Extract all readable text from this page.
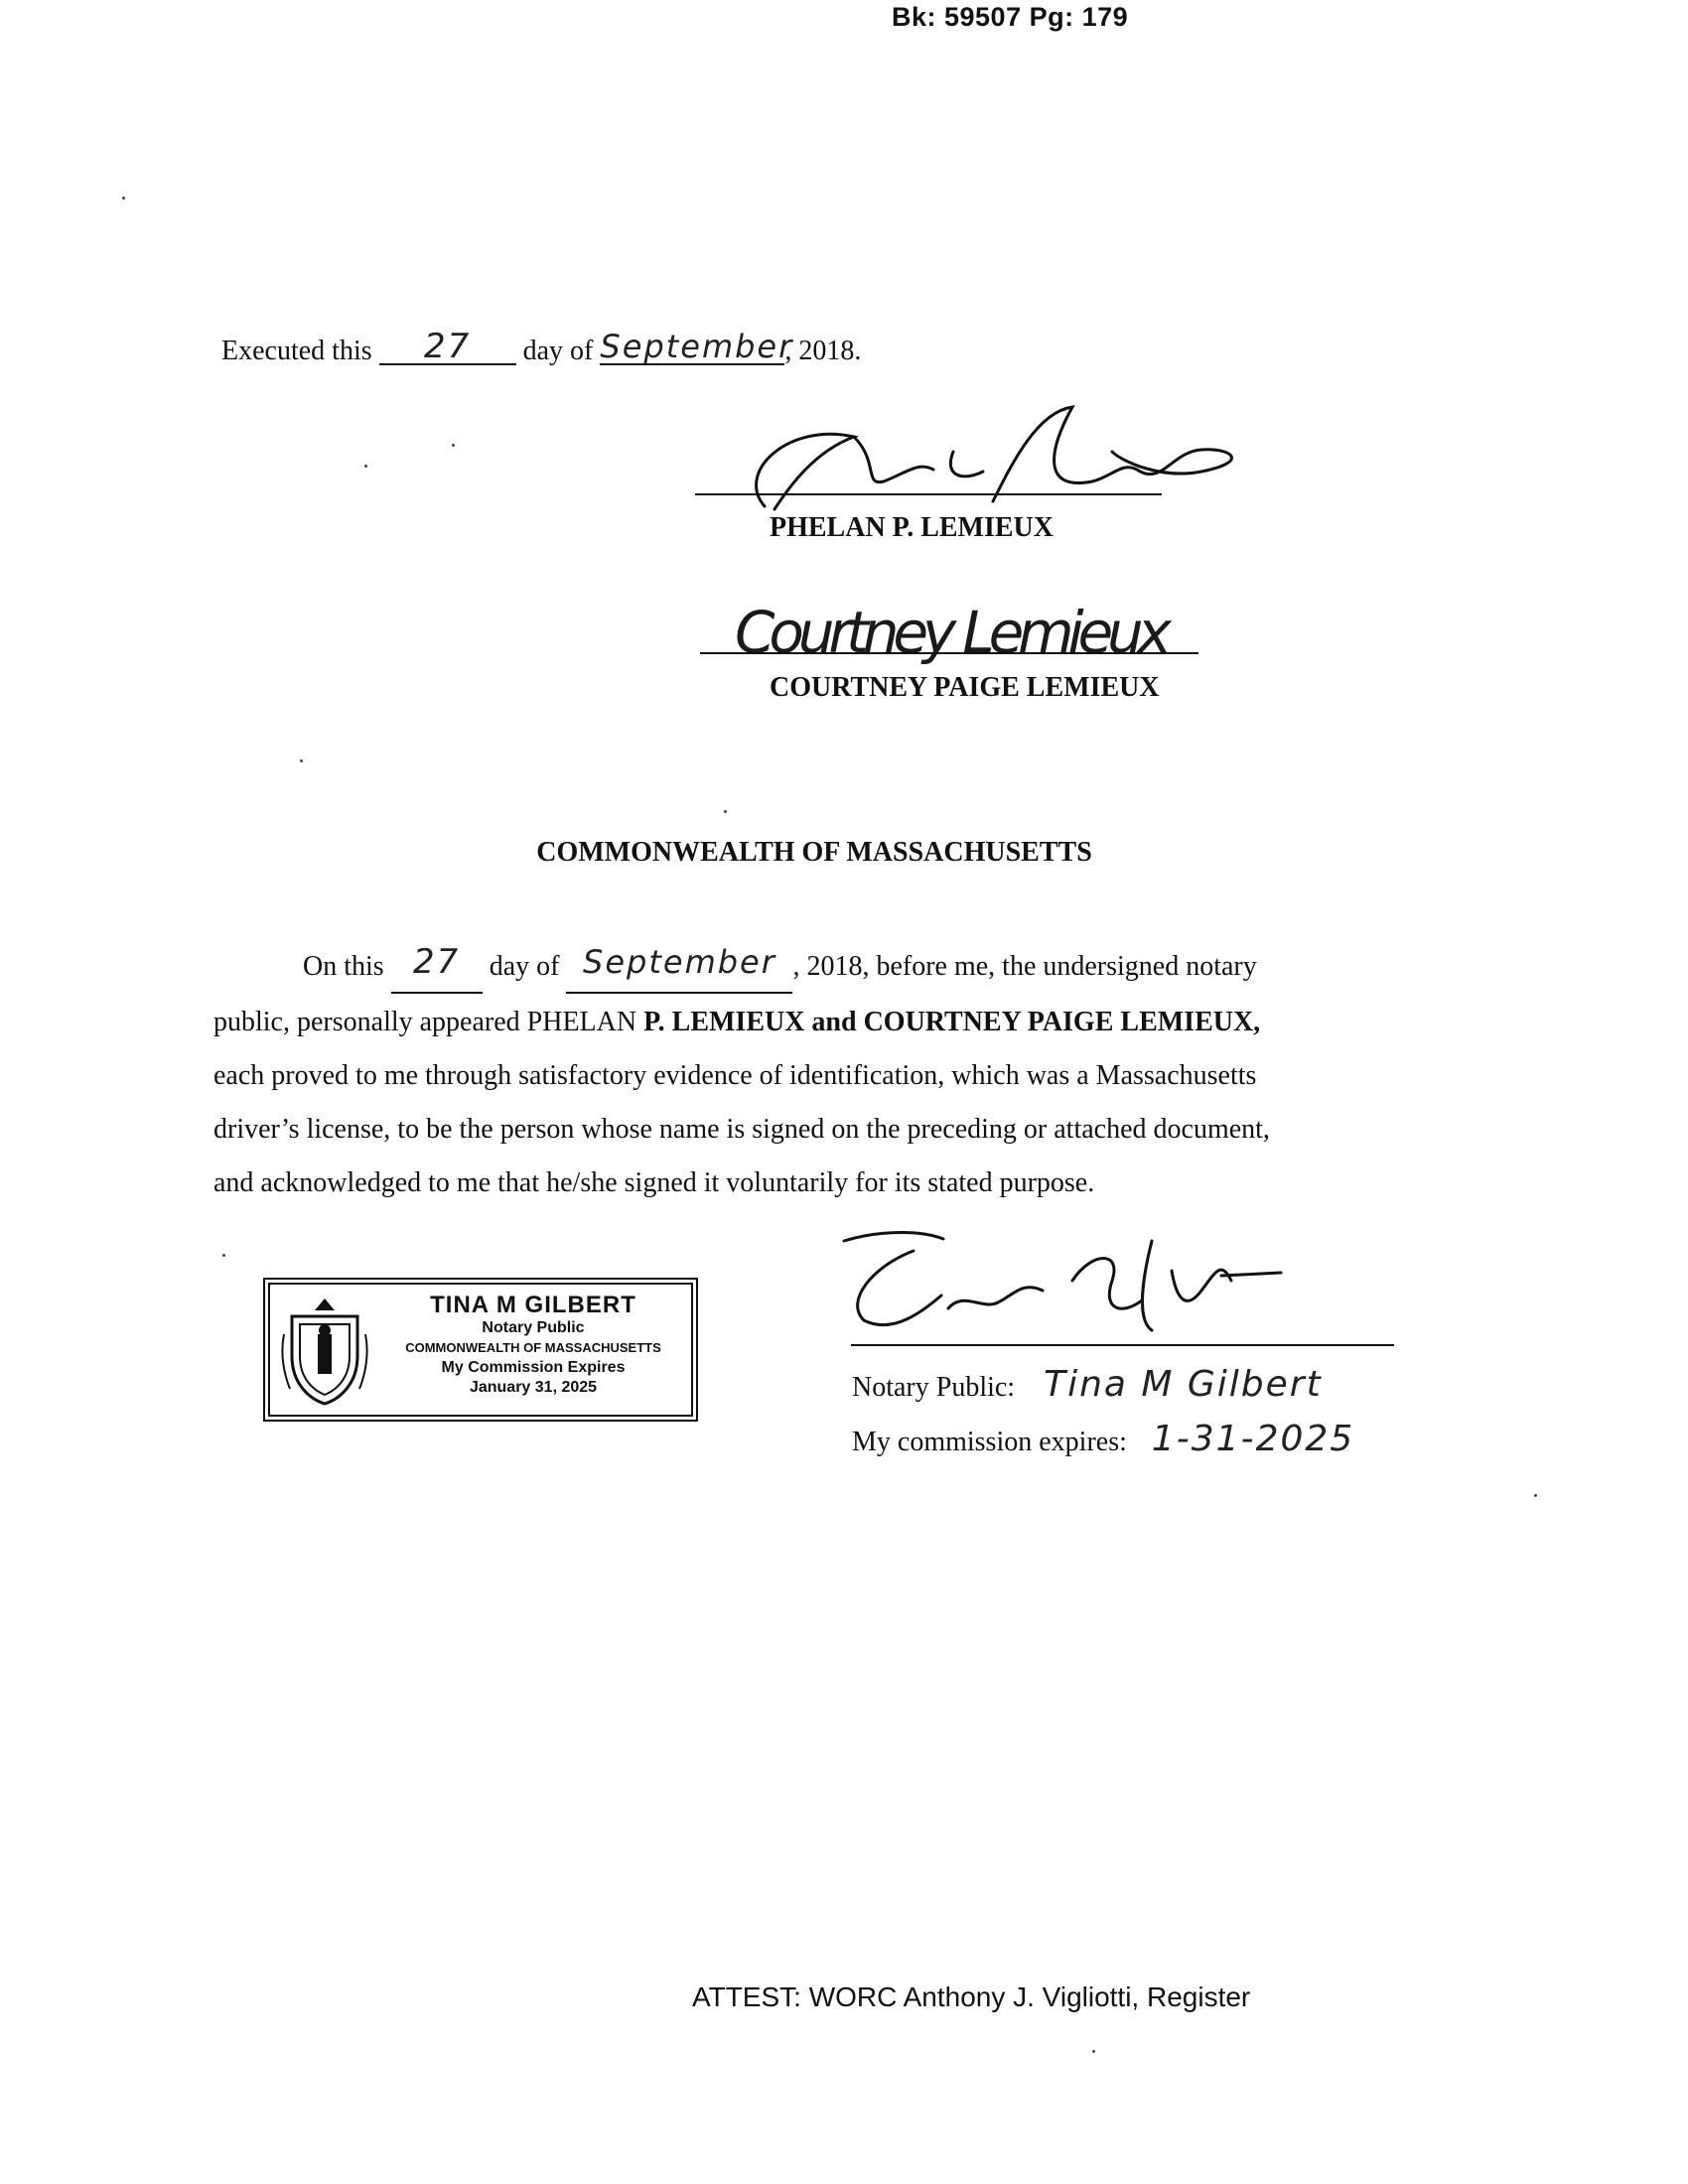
Bk: 59507 Pg: 179
Executed this 27 day of September, 2018.
PHELAN P. LEMIEUX
Courtney Lemieux
COURTNEY PAIGE LEMIEUX
COMMONWEALTH OF MASSACHUSETTS

On this 27 day of September , 2018, before me, the undersigned notary

public, personally appeared PHELAN P. LEMIEUX and COURTNEY PAIGE LEMIEUX,

each proved to me through satisfactory evidence of identification, which was a Massachusetts

driver’s license, to be the person whose name is signed on the preceding or attached document,

and acknowledged to me that he/she signed it voluntarily for its stated purpose.

TINA M GILBERT
Notary Public
COMMONWEALTH OF MASSACHUSETTS
My Commission Expires
January 31, 2025	Notary Public: Tina M Gilbert
My commission expires: 1-31-2025
ATTEST: WORC Anthony J. Vigliotti, Register
